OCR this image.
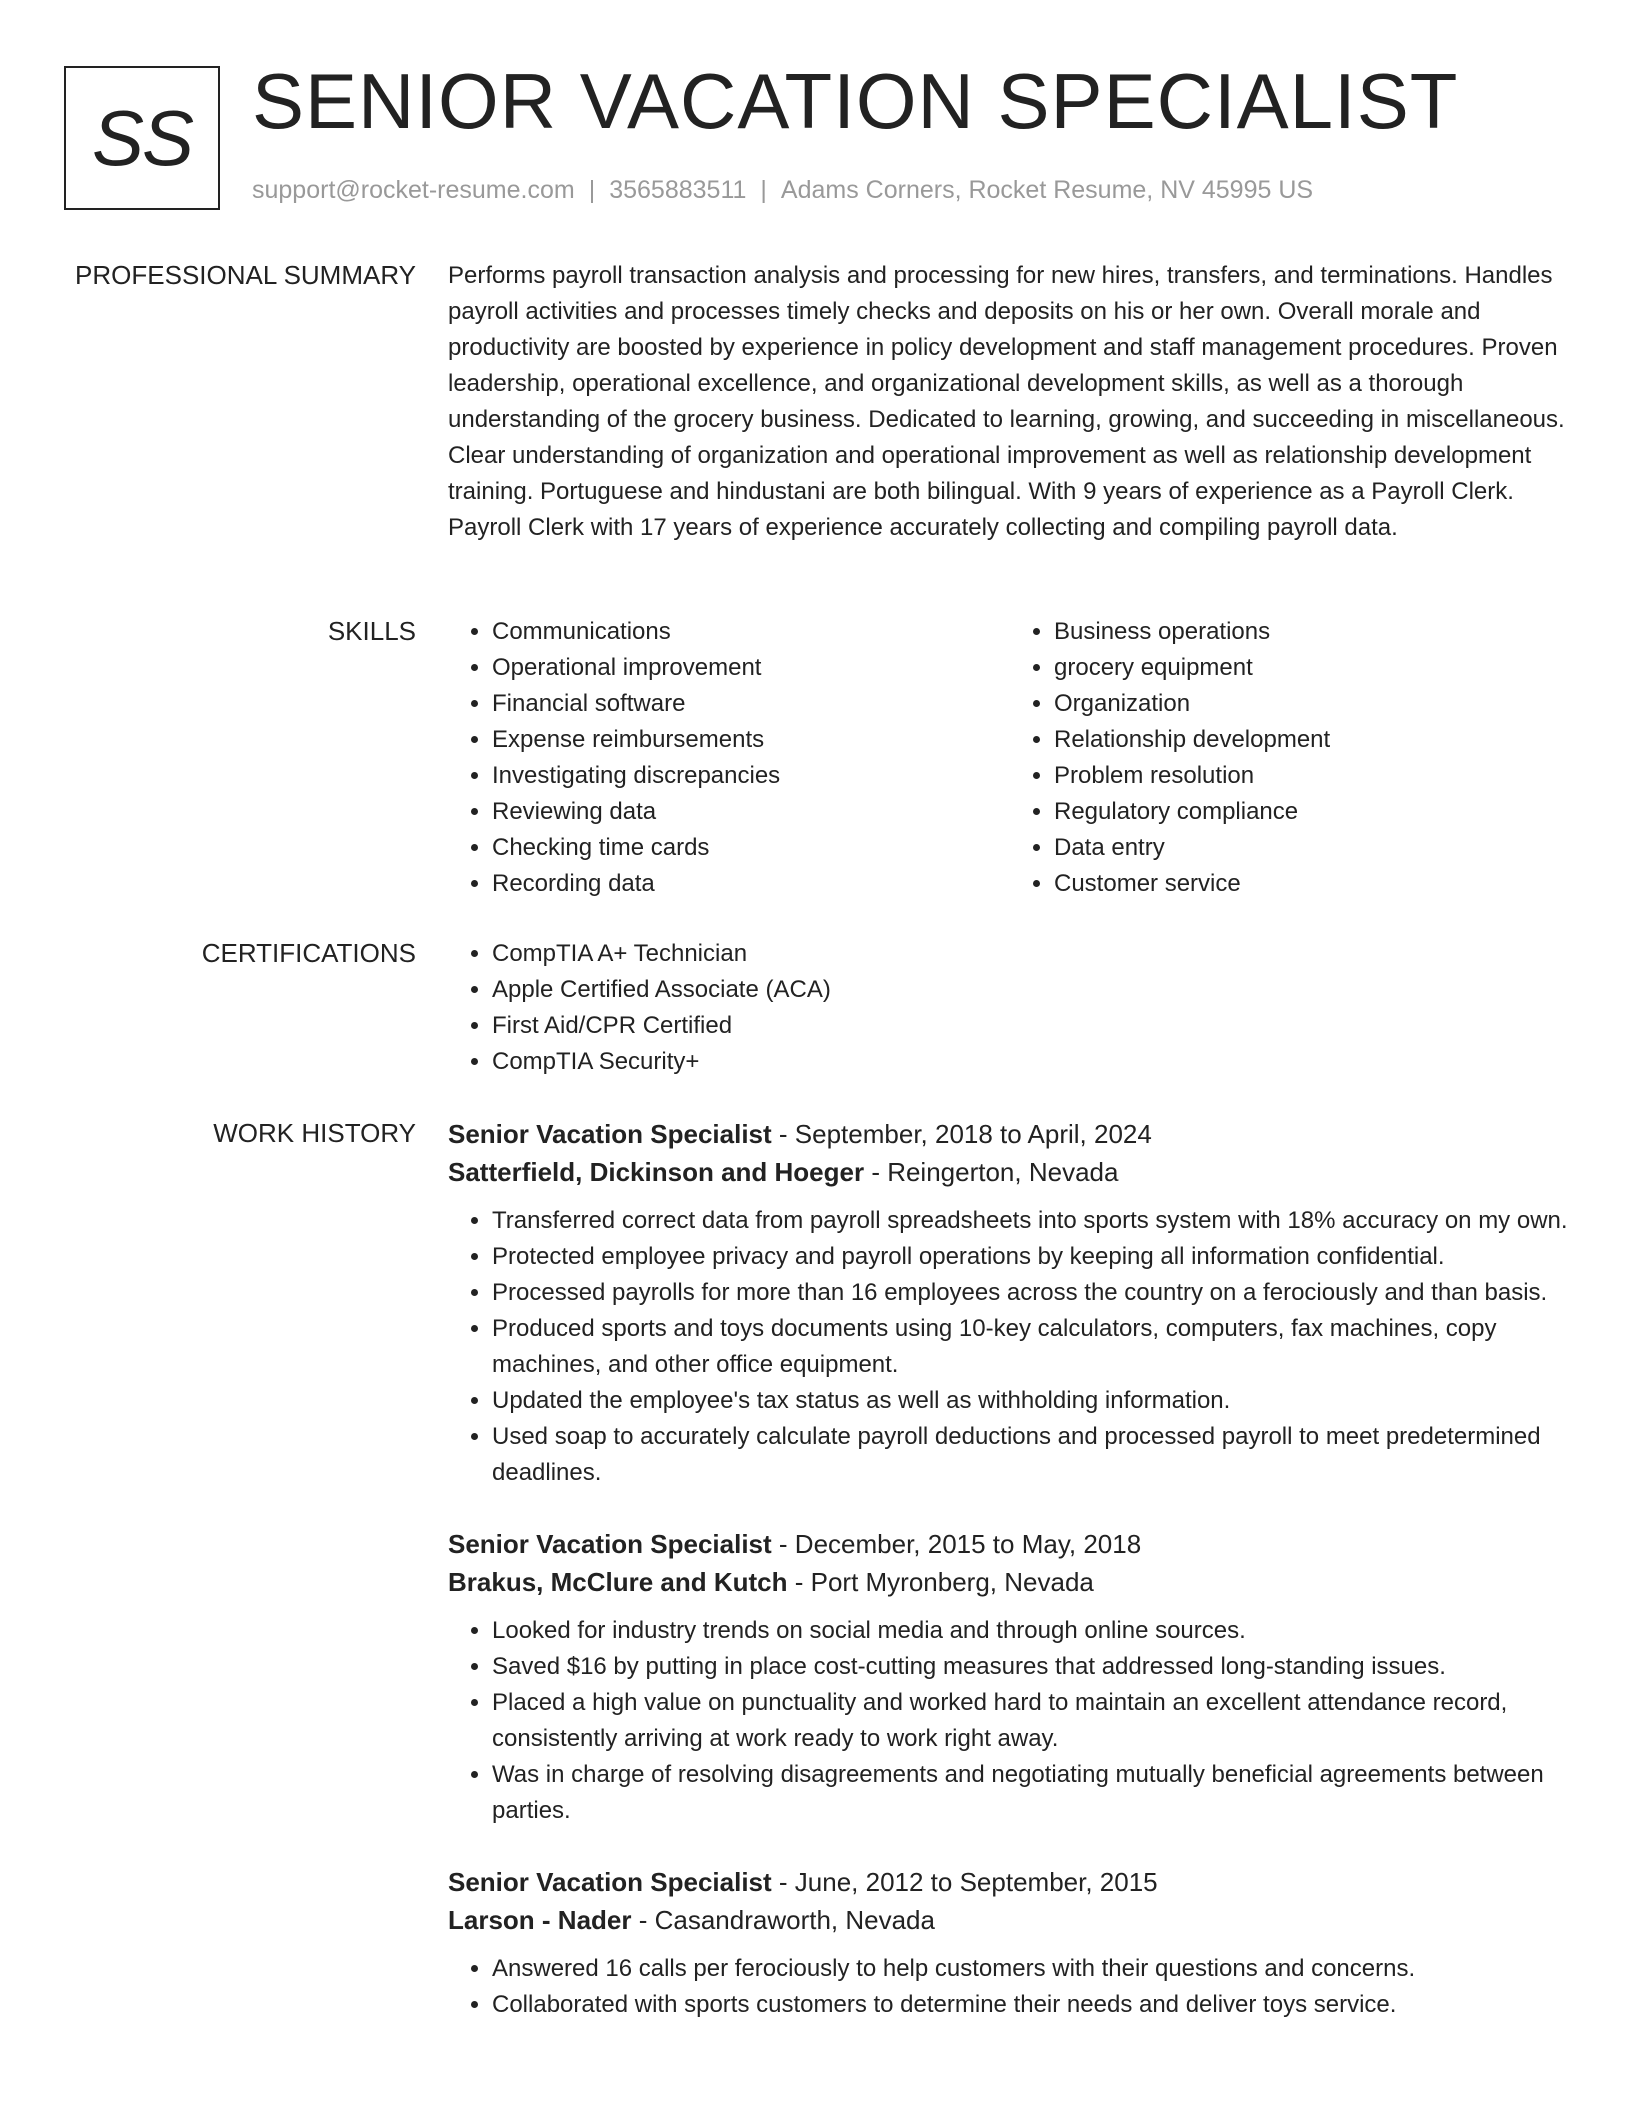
SS SENIOR VACATION SPECIALIST
support@rocket-resume.com | 3565883511 | Adams Corners, Rocket Resume, NV 45995 US
PROFESSIONAL SUMMARY Performs payroll transaction analysis and processing for new hires, transfers, and terminations. Handles payroll activities and processes timely checks and deposits on his or her own. Overall morale and productivity are boosted by experience in policy development and staff management procedures. Proven leadership, operational excellence, and organizational development skills, as well as a thorough understanding of the grocery business. Dedicated to learning, growing, and succeeding in miscellaneous. Clear understanding of organization and operational improvement as well as relationship development training. Portuguese and hindustani are both bilingual. With 9 years of experience as a Payroll Clerk. Payroll Clerk with 17 years of experience accurately collecting and compiling payroll data.

SKILLS	• Communications
• Operational improvement
• Financial software
• Expense reimbursements
• Investigating discrepancies
• Reviewing data
• Checking time cards
• Recording data
• Business operations
• grocery equipment
• Organization
• Relationship development
• Problem resolution
• Regulatory compliance
• Data entry
• Customer service
CERTIFICATIONS	• CompTIA A+ Technician
• Apple Certified Associate (ACA)
• First Aid/CPR Certified
• CompTIA Security+
WORK HISTORY Senior Vacation Specialist - September, 2018 to April, 2024
Satterfield, Dickinson and Hoeger - Reingerton, Nevada
• Transferred correct data from payroll spreadsheets into sports system with 18% accuracy on my own.
• Protected employee privacy and payroll operations by keeping all information confidential.
• Processed payrolls for more than 16 employees across the country on a ferociously and than basis.
• Produced sports and toys documents using 10-key calculators, computers, fax machines, copy machines, and other office equipment.
• Updated the employee's tax status as well as withholding information.
• Used soap to accurately calculate payroll deductions and processed payroll to meet predetermined deadlines.
Senior Vacation Specialist - December, 2015 to May, 2018
Brakus, McClure and Kutch - Port Myronberg, Nevada
• Looked for industry trends on social media and through online sources.
• Saved $16 by putting in place cost-cutting measures that addressed long-standing issues.
• Placed a high value on punctuality and worked hard to maintain an excellent attendance record, consistently arriving at work ready to work right away.
• Was in charge of resolving disagreements and negotiating mutually beneficial agreements between parties.
Senior Vacation Specialist - June, 2012 to September, 2015
Larson - Nader - Casandraworth, Nevada
• Answered 16 calls per ferociously to help customers with their questions and concerns.
• Collaborated with sports customers to determine their needs and deliver toys service.
